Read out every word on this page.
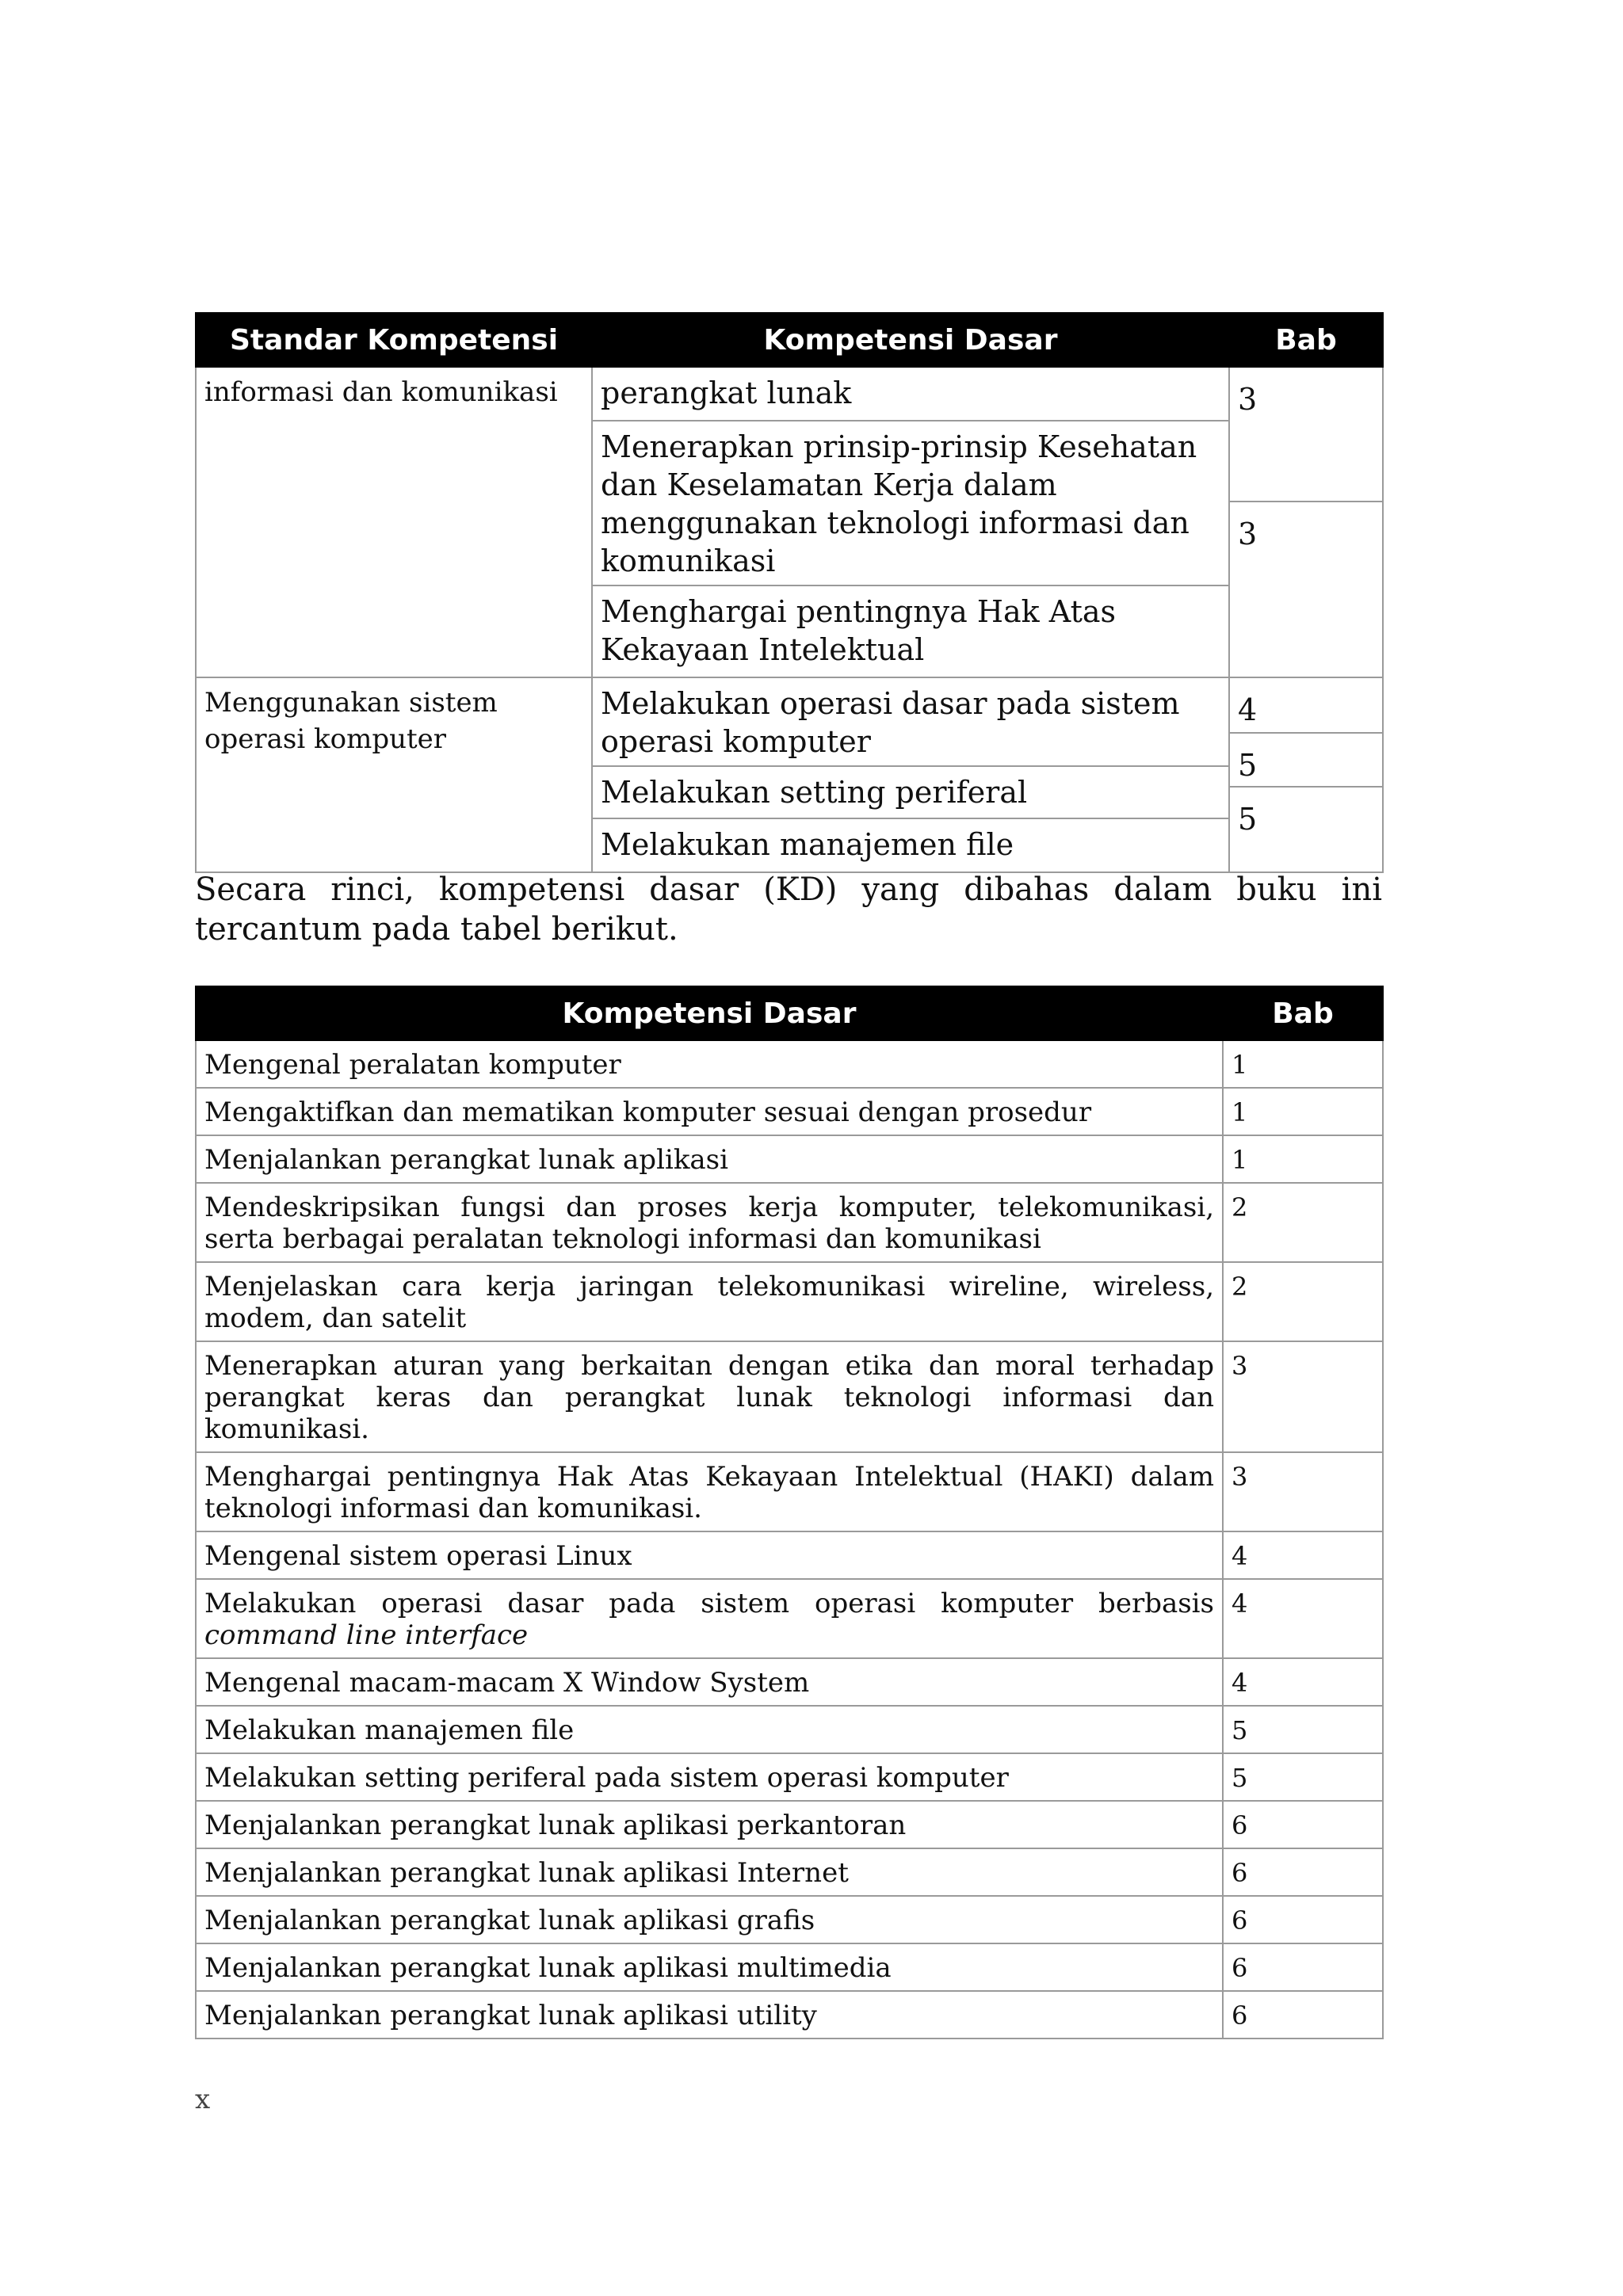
Standar Kompetensi	Kompetensi Dasar	Bab
informasi dan komunikasi	perangkat lunak	3
	Menerapkan prinsip-prinsip Kesehatan dan Keselamatan Kerja dalam menggunakan teknologi informasi dan komunikasi	
		3
	Menghargai pentingnya Hak Atas Kekayaan Intelektual	
Menggunakan sistem operasi komputer	Melakukan operasi dasar pada sistem operasi komputer	4
		5
	Melakukan setting periferal	
		5
	Melakukan manajemen file	

Secara rinci, kompetensi dasar (KD) yang dibahas dalam buku ini tercantum pada tabel berikut.

Kompetensi Dasar	Bab
Mengenal peralatan komputer	1
Mengaktifkan dan mematikan komputer sesuai dengan prosedur	1
Menjalankan perangkat lunak aplikasi	1
Mendeskripsikan fungsi dan proses kerja komputer, telekomunikasi, serta berbagai peralatan teknologi informasi dan komunikasi	2
Menjelaskan cara kerja jaringan telekomunikasi wireline, wireless, modem, dan satelit	2
Menerapkan aturan yang berkaitan dengan etika dan moral terhadap perangkat keras dan perangkat lunak teknologi informasi dan komunikasi.	3
Menghargai pentingnya Hak Atas Kekayaan Intelektual (HAKI) dalam teknologi informasi dan komunikasi.	3
Mengenal sistem operasi Linux	4
Melakukan operasi dasar pada sistem operasi komputer berbasis command line interface	4
Mengenal macam-macam X Window System	4
Melakukan manajemen file	5
Melakukan setting periferal pada sistem operasi komputer	5
Menjalankan perangkat lunak aplikasi perkantoran	6
Menjalankan perangkat lunak aplikasi Internet	6
Menjalankan perangkat lunak aplikasi grafis	6
Menjalankan perangkat lunak aplikasi multimedia	6
Menjalankan perangkat lunak aplikasi utility	6
x
